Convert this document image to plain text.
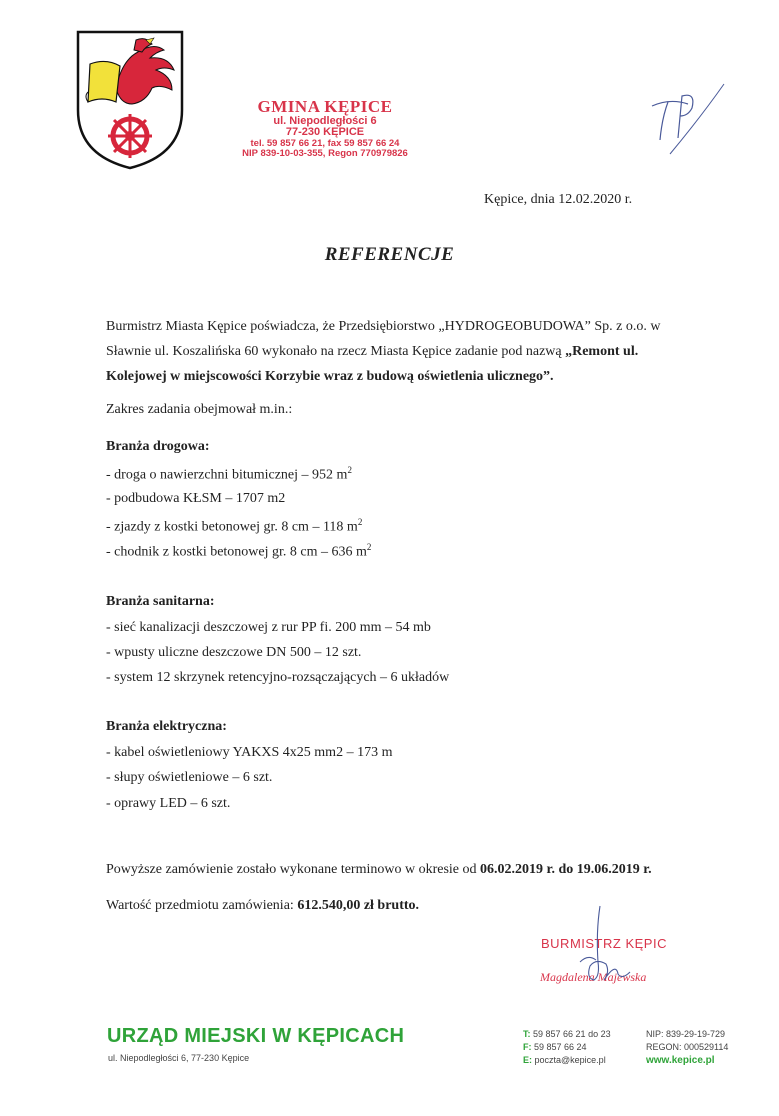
GMINA KĘPICE
ul. Niepodległości 6
77-230 KĘPICE
tel. 59 857 66 21, fax 59 857 66 24
NIP 839-10-03-355, Regon 770979826
Kępice, dnia 12.02.2020 r.
REFERENCJE
Burmistrz Miasta Kępice poświadcza, że Przedsiębiorstwo „HYDROGEOBUDOWA” Sp. z o.o. w Sławnie ul. Koszalińska 60 wykonało na rzecz Miasta Kępice zadanie pod nazwą „Remont ul. Kolejowej w miejscowości Korzybie wraz z budową oświetlenia ulicznego”.
Zakres zadania obejmował m.in.:
Branża drogowa:
- droga o nawierzchni bitumicznej – 952 $m^2$
- podbudowa KŁSM – 1707 m2
- zjazdy z kostki betonowej gr. 8 cm – 118 $m^2$
- chodnik z kostki betonowej gr. 8 cm – 636 $m^2$
Branża sanitarna:
- sieć kanalizacji deszczowej z rur PP fi. 200 mm – 54 mb
- wpusty uliczne deszczowe DN 500 – 12 szt.
- system 12 skrzynek retencyjno-rozsączających – 6 układów
Branża elektryczna:
- kabel oświetleniowy YAKXS 4x25 mm2 – 173 m
- słupy oświetleniowe – 6 szt.
- oprawy LED – 6 szt.
Powyższe zamówienie zostało wykonane terminowo w okresie od 06.02.2019 r. do 19.06.2019 r.
Wartość przedmiotu zamówienia: 612.540,00 zł brutto.
BURMISTRZ KĘPIC
Magdalena Majewska
URZĄD MIEJSKI W KĘPICACH
ul. Niepodległości 6, 77-230 Kępice
T: 59 857 66 21 do 23
F: 59 857 66 24
E: poczta@kepice.pl
NIP: 839-29-19-729
REGON: 000529114
www.kepice.pl
